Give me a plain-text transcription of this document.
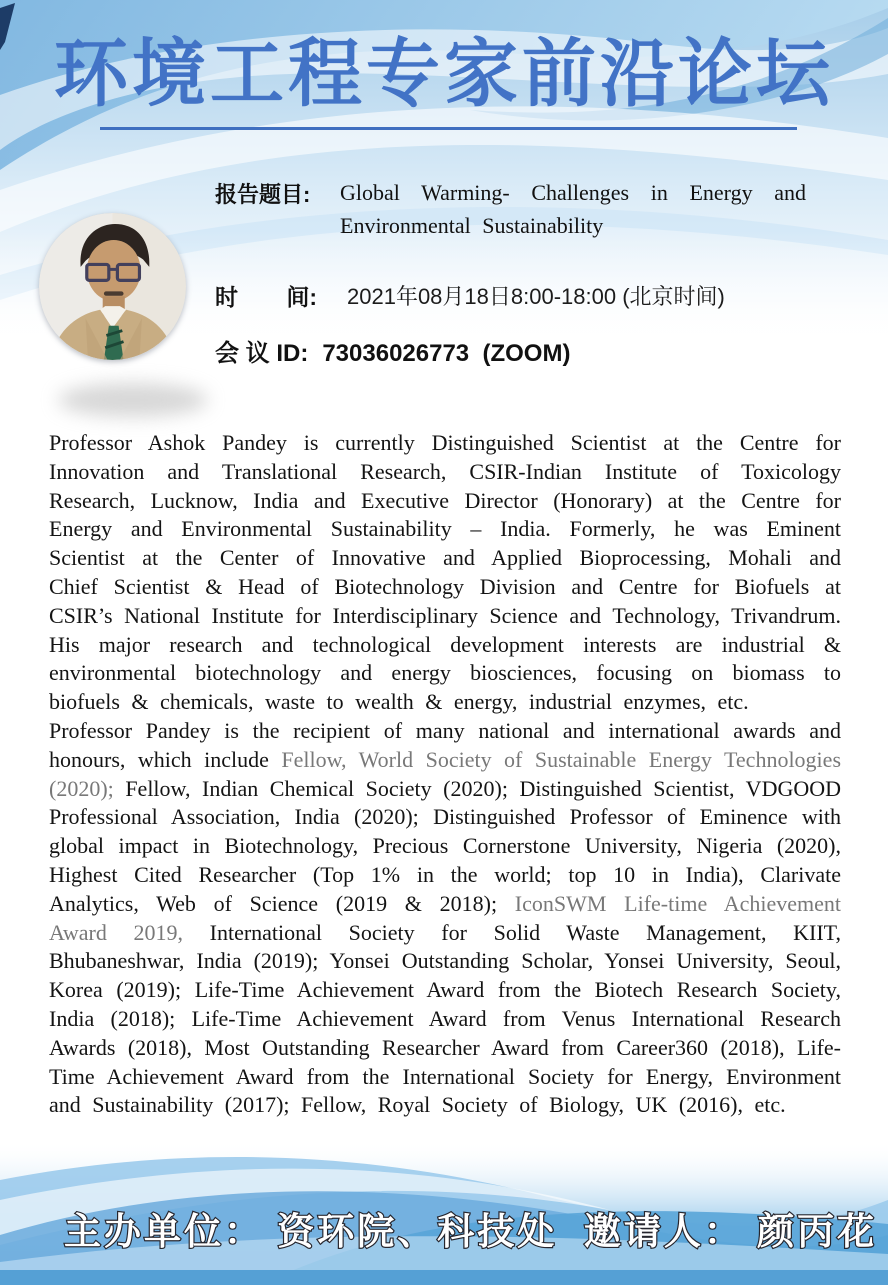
环境工程专家前沿论坛
报告题目: Global Warming- Challenges in Energy and Environmental Sustainability
时 间: 2021年08月18日8:00-18:00 (北京时间)
会 议 ID: 73036026773  (ZOOM)

Professor Ashok Pandey is currently Distinguished Scientist at the Centre for Innovation and Translational Research, CSIR-Indian Institute of Toxicology Research, Lucknow, India and Executive Director (Honorary) at the Centre for Energy and Environmental Sustainability – India. Formerly, he was Eminent Scientist at the Center of Innovative and Applied Bioprocessing, Mohali and Chief Scientist & Head of Biotechnology Division and Centre for Biofuels at CSIR’s National Institute for Interdisciplinary Science and Technology, Trivandrum. His major research and technological development interests are industrial & environmental biotechnology and energy biosciences, focusing on biomass to biofuels & chemicals, waste to wealth & energy, industrial enzymes, etc.

Professor Pandey is the recipient of many national and international awards and honours, which include Fellow, World Society of Sustainable Energy Technologies (2020); Fellow, Indian Chemical Society (2020); Distinguished Scientist, VDGOOD Professional Association, India (2020); Distinguished Professor of Eminence with global impact in Biotechnology, Precious Cornerstone University, Nigeria (2020), Highest Cited Researcher (Top 1% in the world; top 10 in India), Clarivate Analytics, Web of Science (2019 & 2018); IconSWM Life-time Achievement Award 2019, International Society for Solid Waste Management, KIIT, Bhubaneshwar, India (2019); Yonsei Outstanding Scholar, Yonsei University, Seoul, Korea (2019); Life-Time Achievement Award from the Biotech Research Society, India (2018); Life-Time Achievement Award from Venus International Research Awards (2018), Most Outstanding Researcher Award from Career360 (2018), Life-Time Achievement Award from the International Society for Energy, Environment and Sustainability (2017); Fellow, Royal Society of Biology, UK (2016), etc.

主办单位： 资环院、科技处  邀请人： 颜丙花
